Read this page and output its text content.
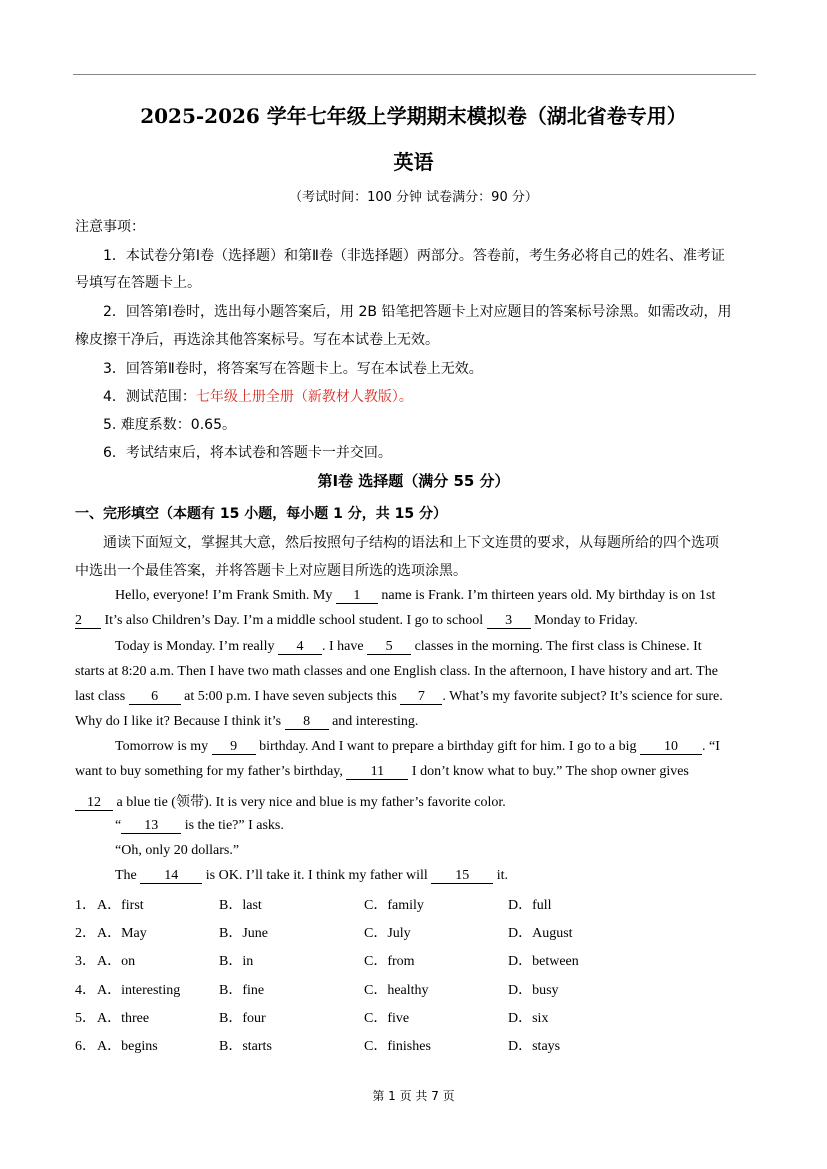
2025-2026 学年七年级上学期期末模拟卷（湖北省卷专用）
英语
（考试时间：100 分钟 试卷满分：90 分）
注意事项：
1．本试卷分第Ⅰ卷（选择题）和第Ⅱ卷（非选择题）两部分。答卷前，考生务必将自己的姓名、准考证
号填写在答题卡上。
2．回答第Ⅰ卷时，选出每小题答案后，用 2B 铅笔把答题卡上对应题目的答案标号涂黑。如需改动，用
橡皮擦干净后，再选涂其他答案标号。写在本试卷上无效。
3．回答第Ⅱ卷时，将答案写在答题卡上。写在本试卷上无效。
4．测试范围：七年级上册全册（新教材人教版）。
5. 难度系数：0.65。
6．考试结束后，将本试卷和答题卡一并交回。
第Ⅰ卷 选择题（满分 55 分）
一、完形填空（本题有 15 小题，每小题 1 分，共 15 分）
通读下面短文，掌握其大意，然后按照句子结构的语法和上下文连贯的要求，从每题所给的四个选项
中选出一个最佳答案，并将答题卡上对应题目所选的选项涂黑。
Hello, everyone! I’m Frank Smith. My 1 name is Frank. I’m thirteen years old. My birthday is on 1st
2 It’s also Children’s Day. I’m a middle school student. I go to school 3 Monday to Friday.
Today is Monday. I’m really 4 . I have 5 classes in the morning. The first class is Chinese. It
starts at 8:20 a.m. Then I have two math classes and one English class. In the afternoon, I have history and art. The
last class 6 at 5:00 p.m. I have seven subjects this 7 . What’s my favorite subject? It’s science for sure.
Why do I like it? Because I think it’s 8 and interesting.
Tomorrow is my 9 birthday. And I want to prepare a birthday gift for him. I go to a big 10 . “I
want to buy something for my father’s birthday, 11 I don’t know what to buy.” The shop owner gives
12 a blue tie (领带). It is very nice and blue is my father’s favorite color.
“ 13 is the tie?” I asks.
“Oh, only 20 dollars.”
The 14 is OK. I’ll take it. I think my father will 15 it.
1． A．first	B．last	C．family	D．full
2． A．May	B．June	C．July	D．August
3． A．on	B．in	C．from	D．between
4． A．interesting	B．fine	C．healthy	D．busy
5． A．three	B．four	C．five	D．six
6． A．begins	B．starts	C．finishes	D．stays
第 1 页 共 7 页
